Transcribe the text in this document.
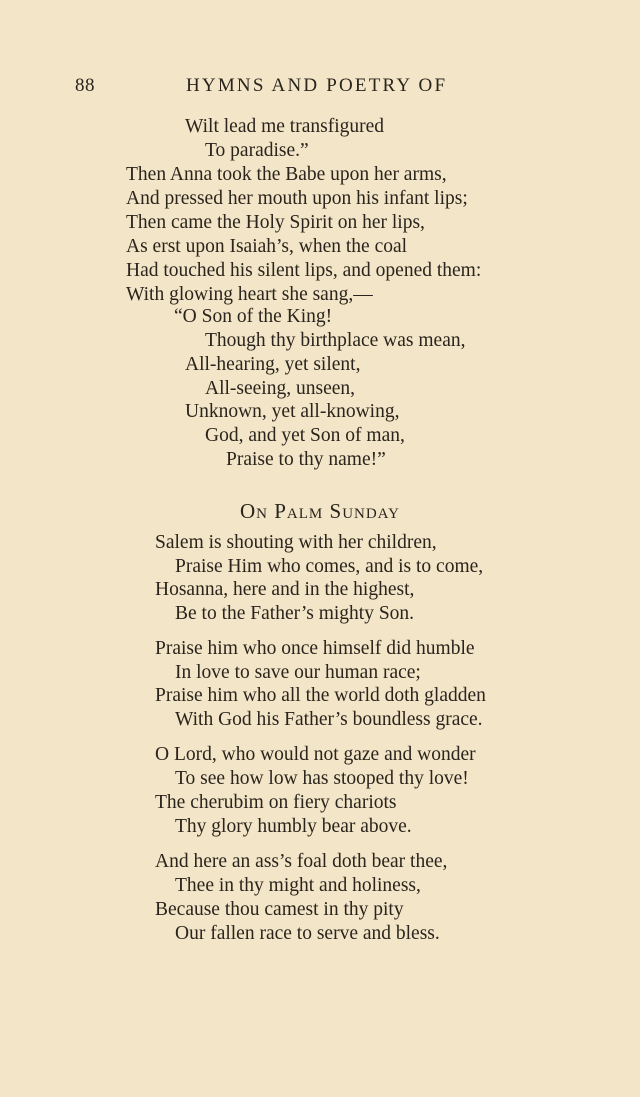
88	HYMNS AND POETRY OF
Wilt lead me transfigured
To paradise.”
Then Anna took the Babe upon her arms,
And pressed her mouth upon his infant lips;
Then came the Holy Spirit on her lips,
As erst upon Isaiah’s, when the coal
Had touched his silent lips, and opened them:
With glowing heart she sang,—
“O Son of the King!
Though thy birthplace was mean,
All-hearing, yet silent,
All-seeing, unseen,
Unknown, yet all-knowing,
God, and yet Son of man,
Praise to thy name!”
On Palm Sunday
Salem is shouting with her children,
Praise Him who comes, and is to come,
Hosanna, here and in the highest,
Be to the Father’s mighty Son.
Praise him who once himself did humble
In love to save our human race;
Praise him who all the world doth gladden
With God his Father’s boundless grace.
O Lord, who would not gaze and wonder
To see how low has stooped thy love!
The cherubim on fiery chariots
Thy glory humbly bear above.
And here an ass’s foal doth bear thee,
Thee in thy might and holiness,
Because thou camest in thy pity
Our fallen race to serve and bless.
